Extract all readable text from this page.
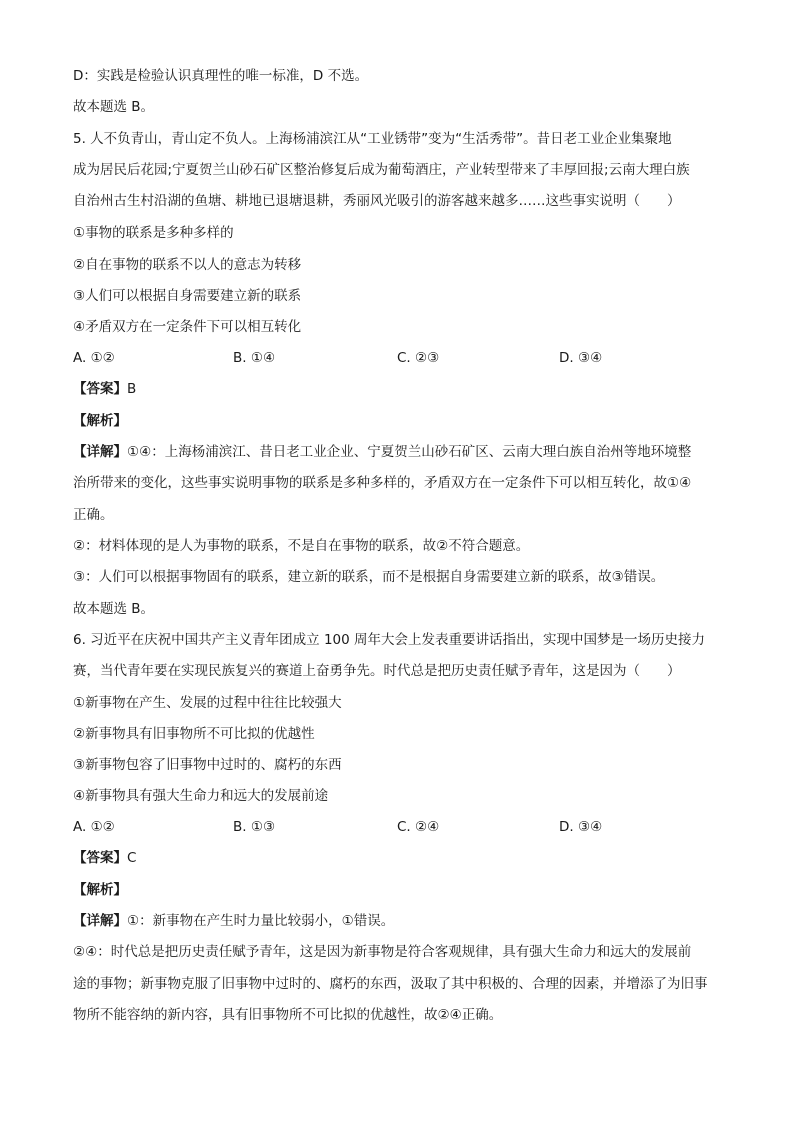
D：实践是检验认识真理性的唯一标准，D 不选。
故本题选 B。
5. 人不负青山，青山定不负人。上海杨浦滨江从“工业锈带”变为“生活秀带”。昔日老工业企业集聚地
成为居民后花园;宁夏贺兰山砂石矿区整治修复后成为葡萄酒庄，产业转型带来了丰厚回报;云南大理白族
自治州古生村沿湖的鱼塘、耕地已退塘退耕，秀丽风光吸引的游客越来越多……这些事实说明（　　）
①事物的联系是多种多样的
②自在事物的联系不以人的意志为转移
③人们可以根据自身需要建立新的联系
④矛盾双方在一定条件下可以相互转化
A. ①②	B. ①④	C. ②③	D. ③④
【答案】B
【解析】
【详解】①④：上海杨浦滨江、昔日老工业企业、宁夏贺兰山砂石矿区、云南大理白族自治州等地环境整
治所带来的变化，这些事实说明事物的联系是多种多样的，矛盾双方在一定条件下可以相互转化，故①④
正确。
②：材料体现的是人为事物的联系，不是自在事物的联系，故②不符合题意。
③：人们可以根据事物固有的联系，建立新的联系，而不是根据自身需要建立新的联系，故③错误。
故本题选 B。
6. 习近平在庆祝中国共产主义青年团成立 100 周年大会上发表重要讲话指出，实现中国梦是一场历史接力
赛，当代青年要在实现民族复兴的赛道上奋勇争先。时代总是把历史责任赋予青年，这是因为（　　）
①新事物在产生、发展的过程中往往比较强大
②新事物具有旧事物所不可比拟的优越性
③新事物包容了旧事物中过时的、腐朽的东西
④新事物具有强大生命力和远大的发展前途
A. ①②	B. ①③	C. ②④	D. ③④
【答案】C
【解析】
【详解】①：新事物在产生时力量比较弱小，①错误。
②④：时代总是把历史责任赋予青年，这是因为新事物是符合客观规律，具有强大生命力和远大的发展前
途的事物；新事物克服了旧事物中过时的、腐朽的东西，汲取了其中积极的、合理的因素，并增添了为旧事
物所不能容纳的新内容，具有旧事物所不可比拟的优越性，故②④正确。
